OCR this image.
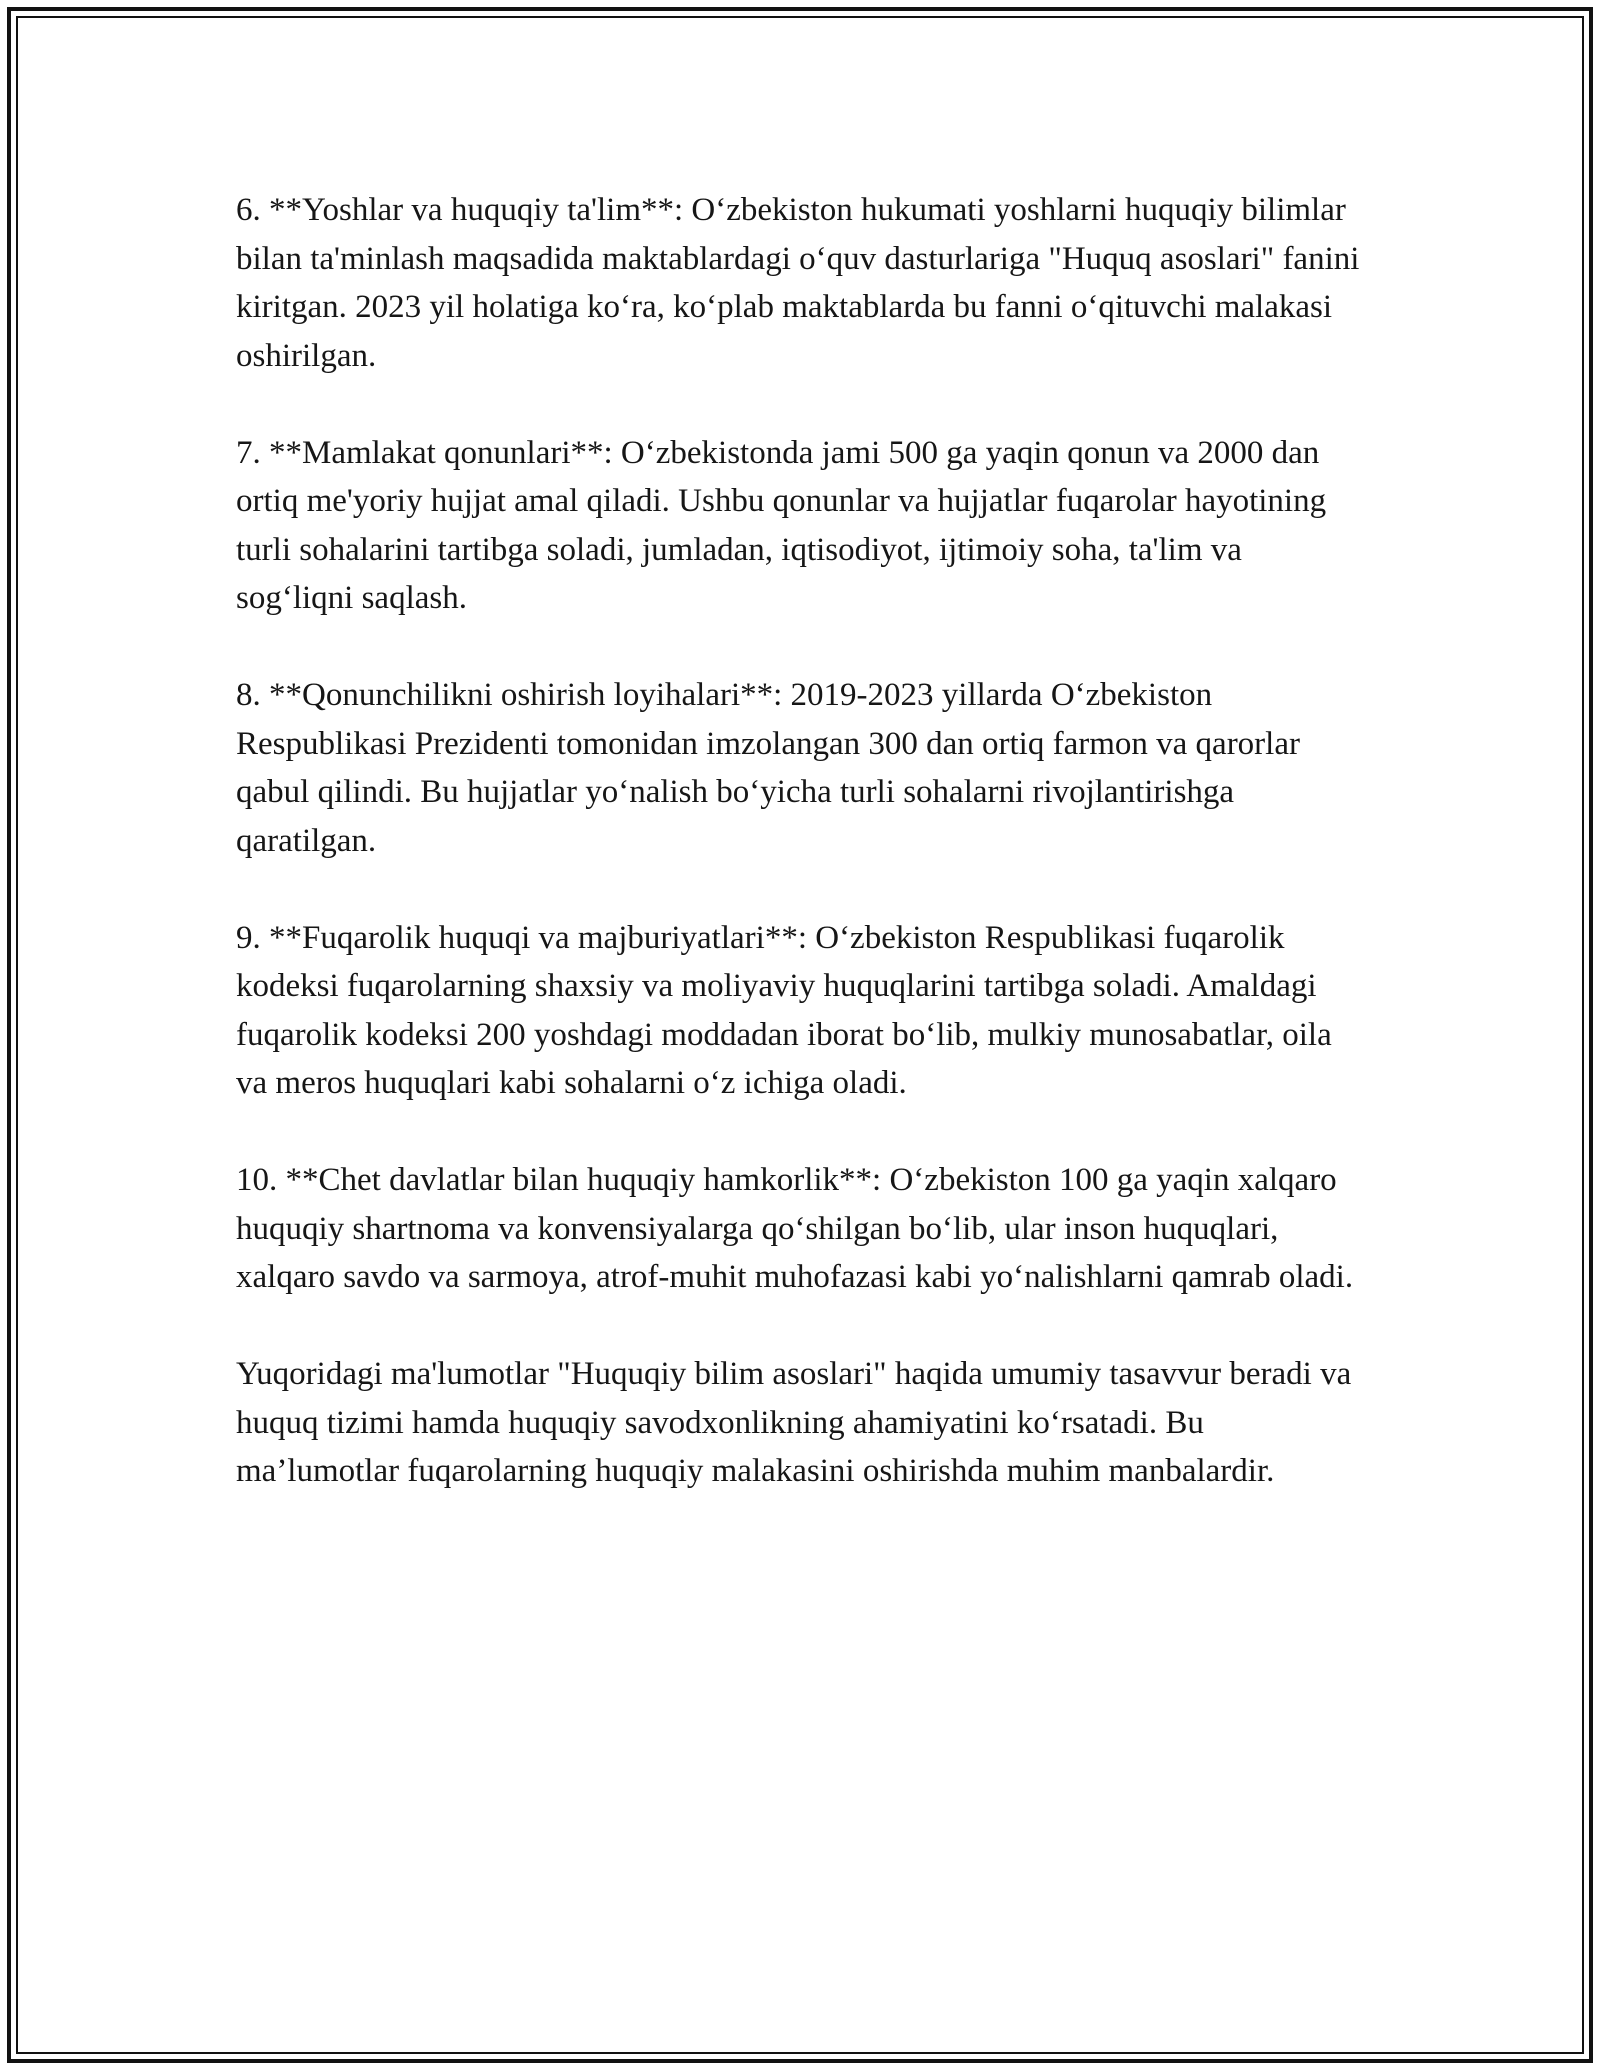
6. **Yoshlar va huquqiy ta'lim**: O‘zbekiston hukumati yoshlarni huquqiy bilimlar bilan ta'minlash maqsadida maktablardagi o‘quv dasturlariga "Huquq asoslari" fanini kiritgan. 2023 yil holatiga ko‘ra, ko‘plab maktablarda bu fanni o‘qituvchi malakasi oshirilgan.

7. **Mamlakat qonunlari**: O‘zbekistonda jami 500 ga yaqin qonun va 2000 dan ortiq me'yoriy hujjat amal qiladi. Ushbu qonunlar va hujjatlar fuqarolar hayotining turli sohalarini tartibga soladi, jumladan, iqtisodiyot, ijtimoiy soha, ta'lim va sog‘liqni saqlash.

8. **Qonunchilikni oshirish loyihalari**: 2019-2023 yillarda O‘zbekiston Respublikasi Prezidenti tomonidan imzolangan 300 dan ortiq farmon va qarorlar qabul qilindi. Bu hujjatlar yo‘nalish bo‘yicha turli sohalarni rivojlantirishga qaratilgan.

9. **Fuqarolik huquqi va majburiyatlari**: O‘zbekiston Respublikasi fuqarolik kodeksi fuqarolarning shaxsiy va moliyaviy huquqlarini tartibga soladi. Amaldagi fuqarolik kodeksi 200 yoshdagi moddadan iborat bo‘lib, mulkiy munosabatlar, oila va meros huquqlari kabi sohalarni o‘z ichiga oladi.

10. **Chet davlatlar bilan huquqiy hamkorlik**: O‘zbekiston 100 ga yaqin xalqaro huquqiy shartnoma va konvensiyalarga qo‘shilgan bo‘lib, ular inson huquqlari, xalqaro savdo va sarmoya, atrof-muhit muhofazasi kabi yo‘nalishlarni qamrab oladi.

Yuqoridagi ma'lumotlar "Huquqiy bilim asoslari" haqida umumiy tasavvur beradi va huquq tizimi hamda huquqiy savodxonlikning ahamiyatini ko‘rsatadi. Bu ma’lumotlar fuqarolarning huquqiy malakasini oshirishda muhim manbalardir.
